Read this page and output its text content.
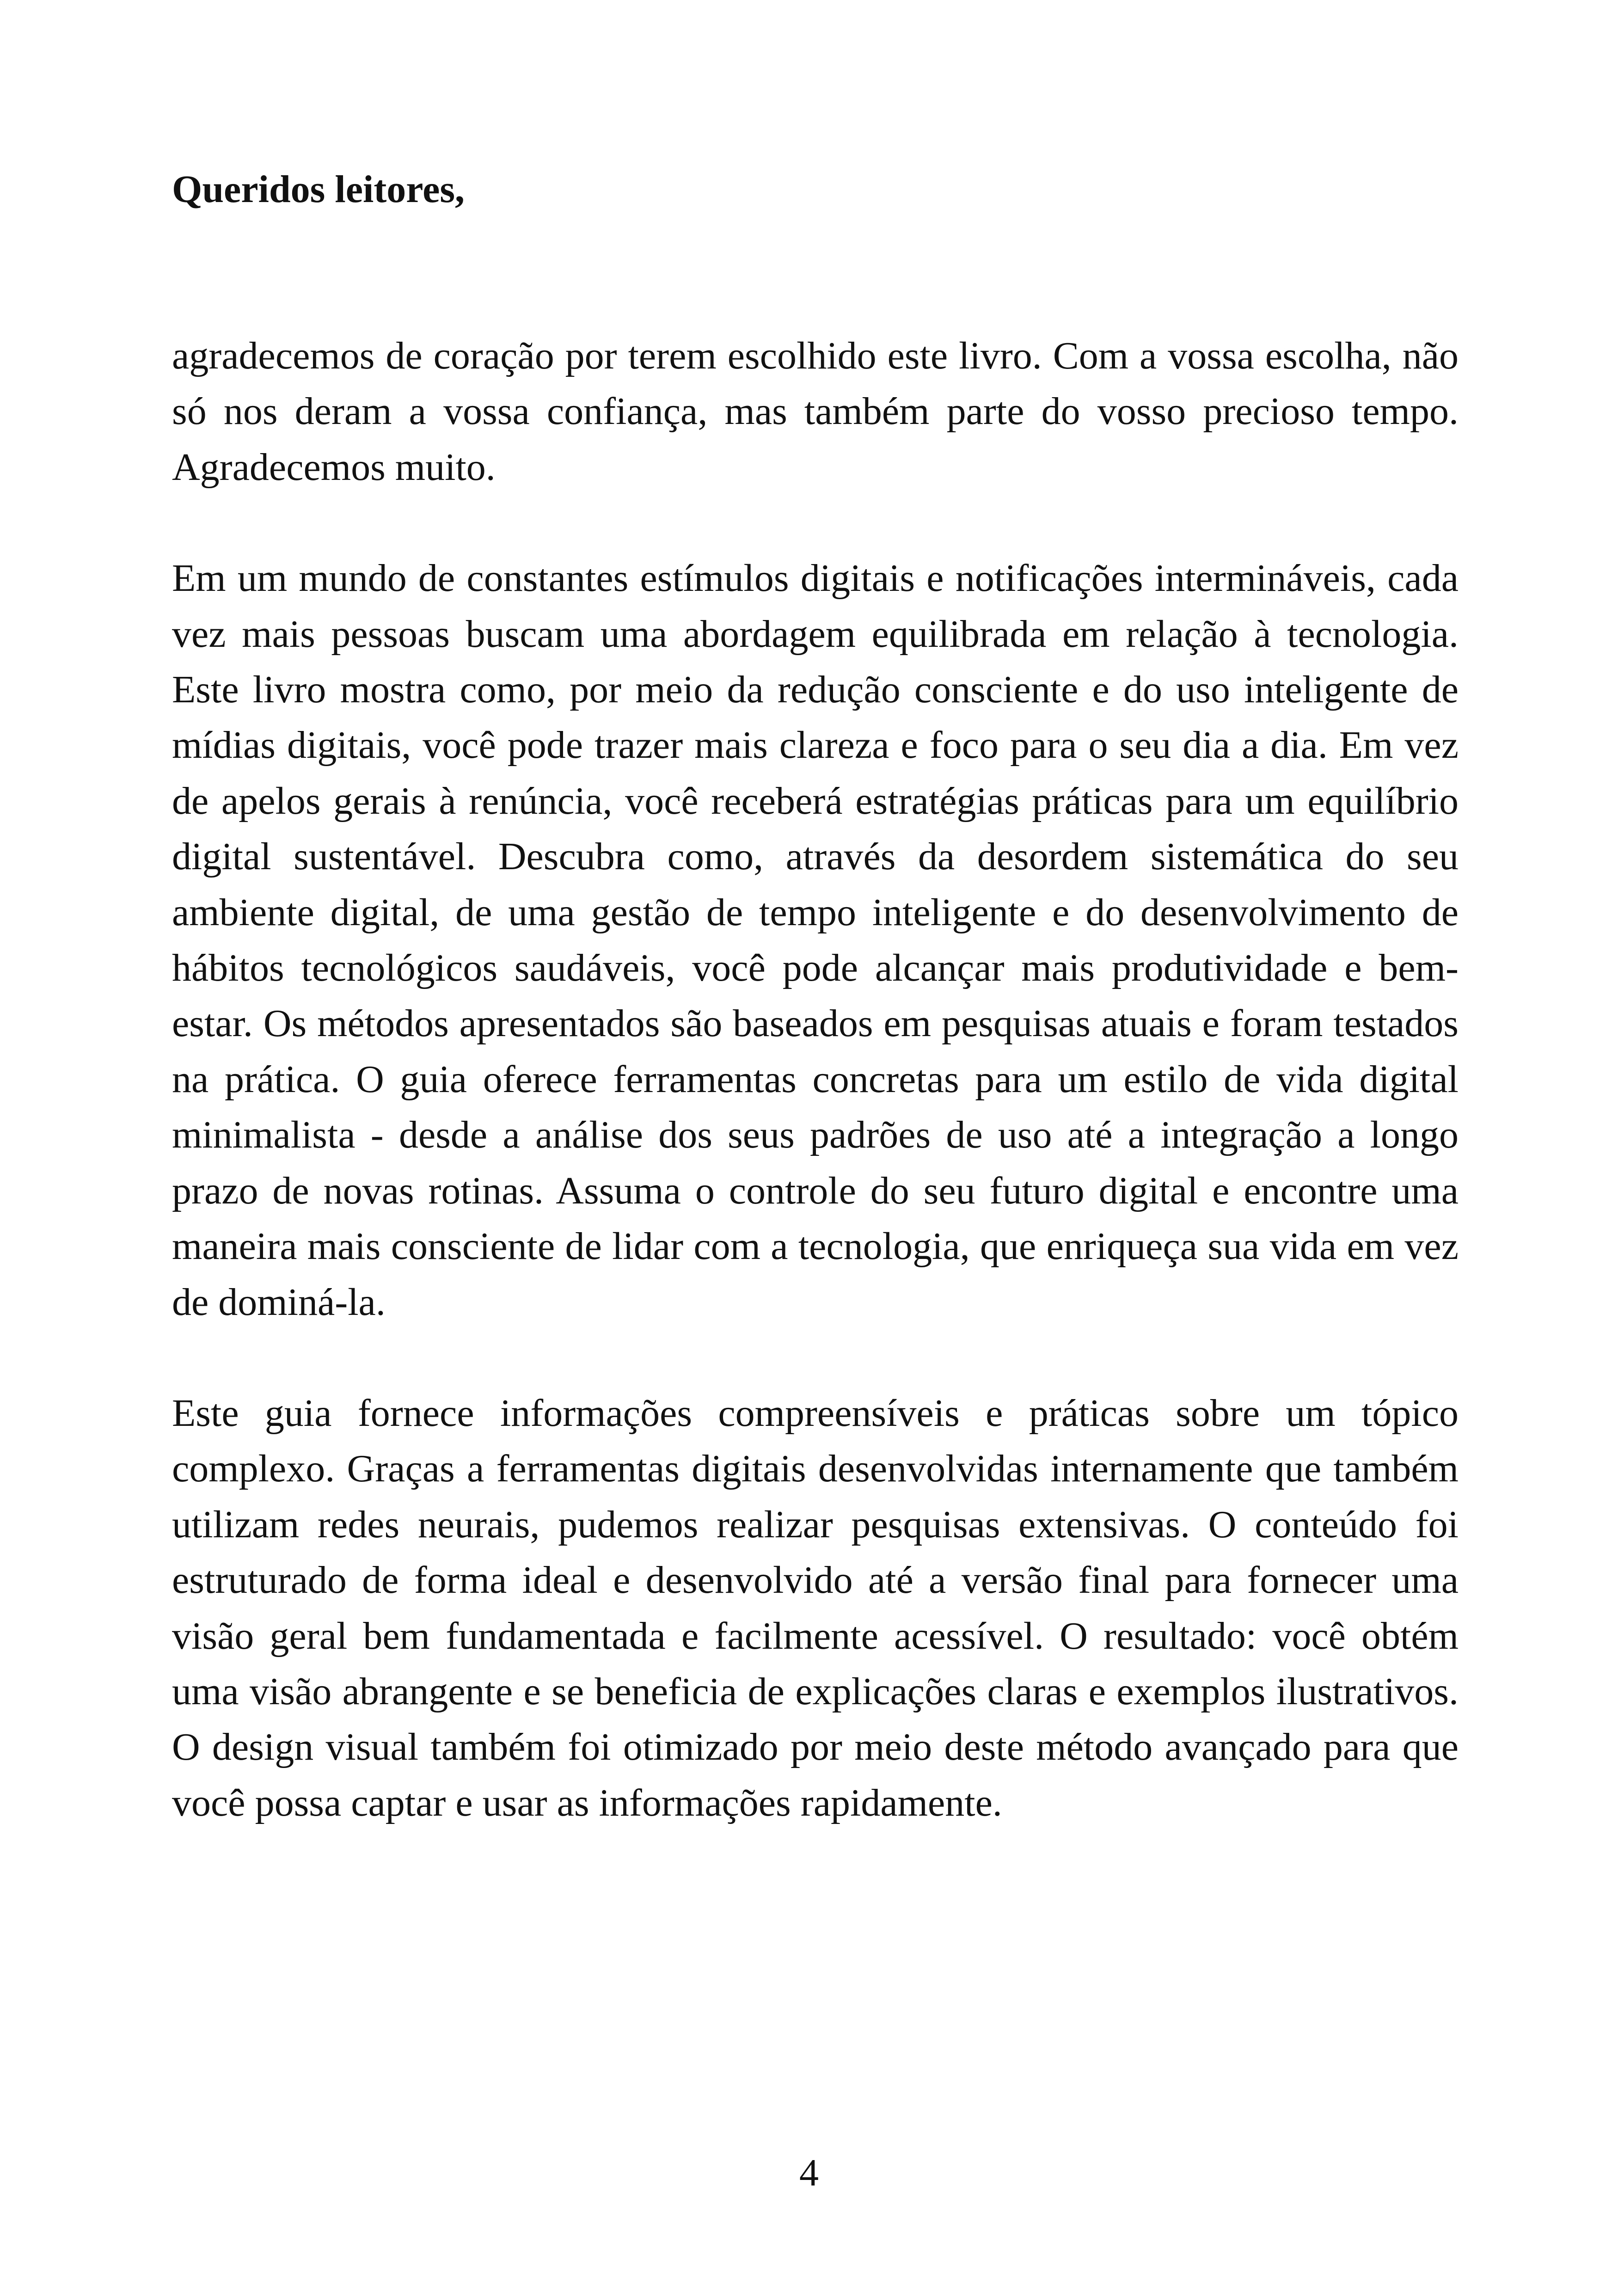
Queridos leitores,

agradecemos de coração por terem escolhido este livro. Com a vossa escolha, não só nos deram a vossa confiança, mas também parte do vosso precioso tempo. Agradecemos muito.

Em um mundo de constantes estímulos digitais e notificações intermináveis, cada vez mais pessoas buscam uma abordagem equilibrada em relação à tecnologia. Este livro mostra como, por meio da redução consciente e do uso inteligente de mídias digitais, você pode trazer mais clareza e foco para o seu dia a dia. Em vez de apelos gerais à renúncia, você receberá estratégias práticas para um equilíbrio digital sustentável. Descubra como, através da desordem sistemática do seu ambiente digital, de uma gestão de tempo inteligente e do desenvolvimento de hábitos tecnológicos saudáveis, você pode alcançar mais produtividade e bem-estar. Os métodos apresentados são baseados em pesquisas atuais e foram testados na prática. O guia oferece ferramentas concretas para um estilo de vida digital minimalista - desde a análise dos seus padrões de uso até a integração a longo prazo de novas rotinas. Assuma o controle do seu futuro digital e encontre uma maneira mais consciente de lidar com a tecnologia, que enriqueça sua vida em vez de dominá-la.

Este guia fornece informações compreensíveis e práticas sobre um tópico complexo. Graças a ferramentas digitais desenvolvidas internamente que também utilizam redes neurais, pudemos realizar pesquisas extensivas. O conteúdo foi estruturado de forma ideal e desenvolvido até a versão final para fornecer uma visão geral bem fundamentada e facilmente acessível. O resultado: você obtém uma visão abrangente e se beneficia de explicações claras e exemplos ilustrativos. O design visual também foi otimizado por meio deste método avançado para que você possa captar e usar as informações rapidamente.

4
